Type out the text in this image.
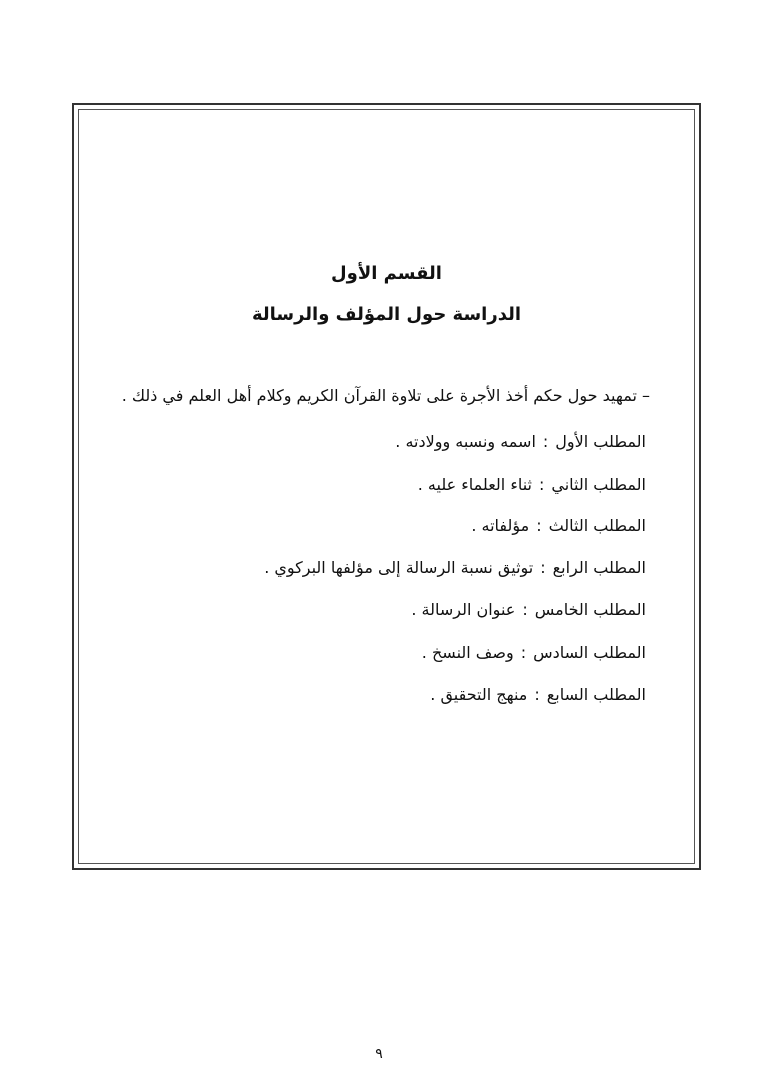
القسم الأول
الدراسة حول المؤلف والرسالة
– تمهيد حول حكم أخذ الأجرة على تلاوة القرآن الكريم وكلام أهل العلم في ذلك .
المطلب الأول:اسمه ونسبه وولادته .
المطلب الثاني:ثناء العلماء عليه .
المطلب الثالث:مؤلفاته .
المطلب الرابع:توثيق نسبة الرسالة إلى مؤلفها البركوي .
المطلب الخامس:عنوان الرسالة .
المطلب السادس:وصف النسخ .
المطلب السابع:منهج التحقيق .
٩
